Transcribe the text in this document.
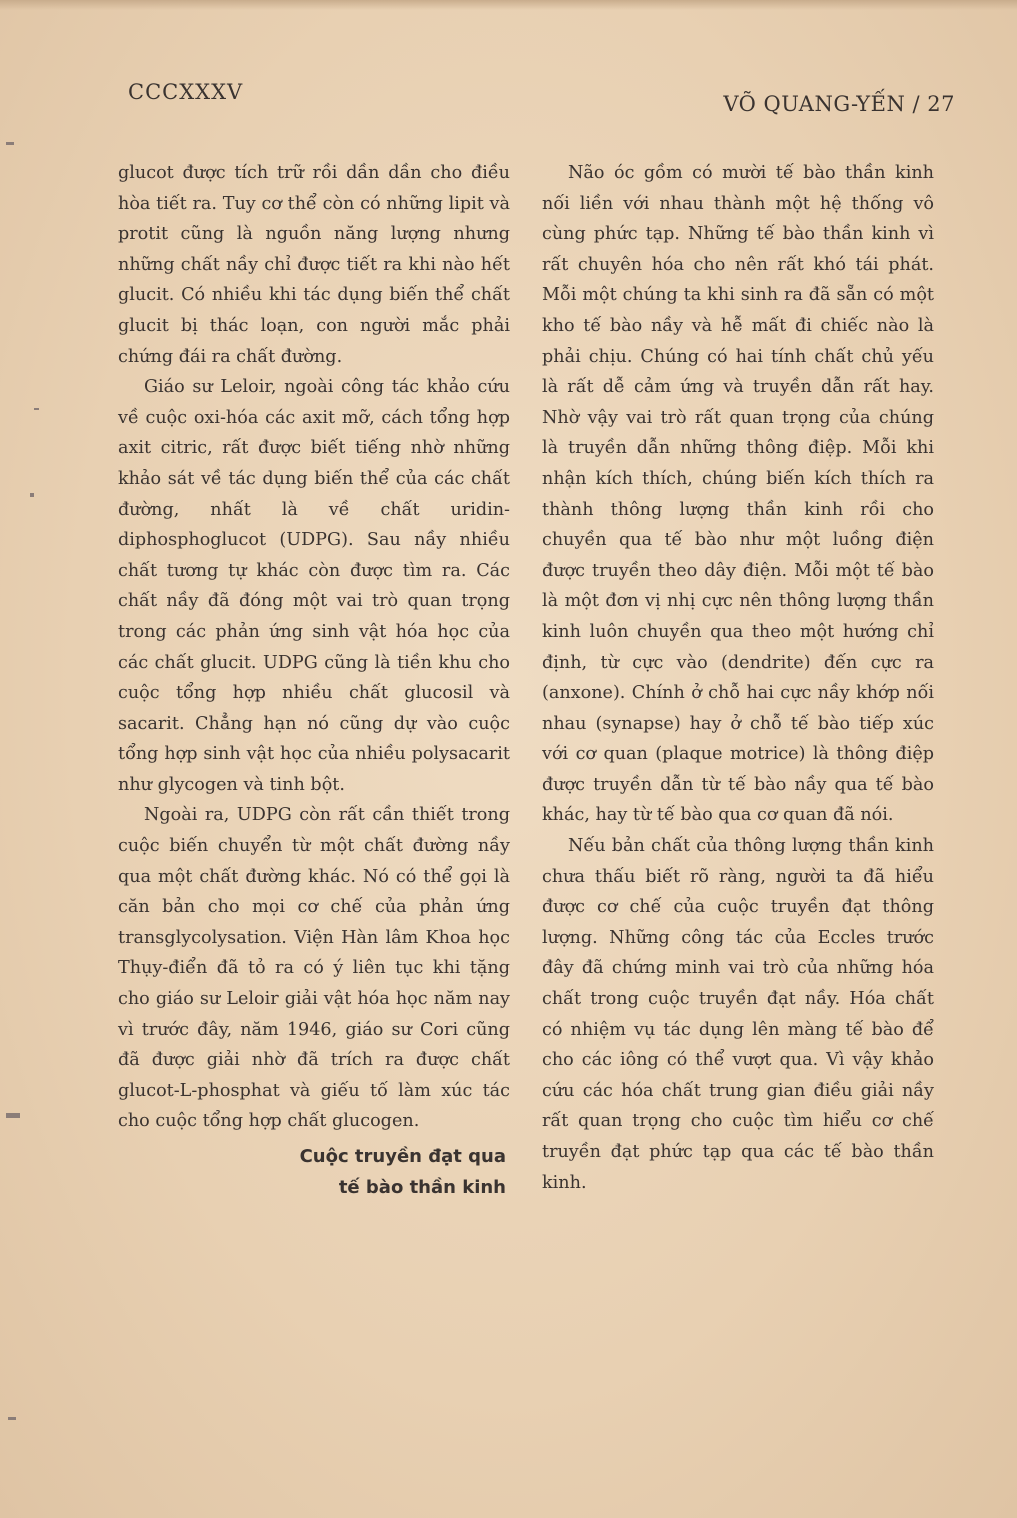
CCCXXXV	VÕ QUANG-YẾN / 27

glucot được tích trữ rồi dần dần cho điều hòa tiết ra. Tuy cơ thể còn có những lipit và protit cũng là nguồn năng lượng nhưng những chất nầy chỉ được tiết ra khi nào hết glucit. Có nhiều khi tác dụng biến thể chất glucit bị thác loạn, con người mắc phải chứng đái ra chất đường.

Giáo sư Leloir, ngoài công tác khảo cứu về cuộc oxi-hóa các axit mỡ, cách tổng hợp axit citric, rất được biết tiếng nhờ những khảo sát về tác dụng biến thể của các chất đường, nhất là về chất uridin-diphosphoglucot (UDPG). Sau nầy nhiều chất tương tự khác còn được tìm ra. Các chất nầy đã đóng một vai trò quan trọng trong các phản ứng sinh vật hóa học của các chất glucit. UDPG cũng là tiền khu cho cuộc tổng hợp nhiều chất glucosil và sacarit. Chẳng hạn nó cũng dự vào cuộc tổng hợp sinh vật học của nhiều polysacarit như glycogen và tinh bột.

Ngoài ra, UDPG còn rất cần thiết trong cuộc biến chuyển từ một chất đường nầy qua một chất đường khác. Nó có thể gọi là căn bản cho mọi cơ chế của phản ứng transglycolysation. Viện Hàn lâm Khoa học Thụy-điển đã tỏ ra có ý liên tục khi tặng cho giáo sư Leloir giải vật hóa học năm nay vì trước đây, năm 1946, giáo sư Cori cũng đã được giải nhờ đã trích ra được chất glucot-L-phosphat và giếu tố làm xúc tác cho cuộc tổng hợp chất glucogen.

Cuộc truyền đạt qua
tế bào thần kinh

Não óc gồm có mười tế bào thần kinh nối liền với nhau thành một hệ thống vô cùng phức tạp. Những tế bào thần kinh vì rất chuyên hóa cho nên rất khó tái phát. Mỗi một chúng ta khi sinh ra đã sẵn có một kho tế bào nầy và hễ mất đi chiếc nào là phải chịu. Chúng có hai tính chất chủ yếu là rất dễ cảm ứng và truyền dẫn rất hay. Nhờ vậy vai trò rất quan trọng của chúng là truyền dẫn những thông điệp. Mỗi khi nhận kích thích, chúng biến kích thích ra thành thông lượng thần kinh rồi cho chuyền qua tế bào như một luồng điện được truyền theo dây điện. Mỗi một tế bào là một đơn vị nhị cực nên thông lượng thần kinh luôn chuyền qua theo một hướng chỉ định, từ cực vào (dendrite) đến cực ra (anxone). Chính ở chỗ hai cực nầy khớp nối nhau (synapse) hay ở chỗ tế bào tiếp xúc với cơ quan (plaque motrice) là thông điệp được truyền dẫn từ tế bào nầy qua tế bào khác, hay từ tế bào qua cơ quan đã nói.

Nếu bản chất của thông lượng thần kinh chưa thấu biết rõ ràng, người ta đã hiểu được cơ chế của cuộc truyền đạt thông lượng. Những công tác của Eccles trước đây đã chứng minh vai trò của những hóa chất trong cuộc truyền đạt nầy. Hóa chất có nhiệm vụ tác dụng lên màng tế bào để cho các iông có thể vượt qua. Vì vậy khảo cứu các hóa chất trung gian điều giải nầy rất quan trọng cho cuộc tìm hiểu cơ chế truyền đạt phức tạp qua các tế bào thần kinh.
